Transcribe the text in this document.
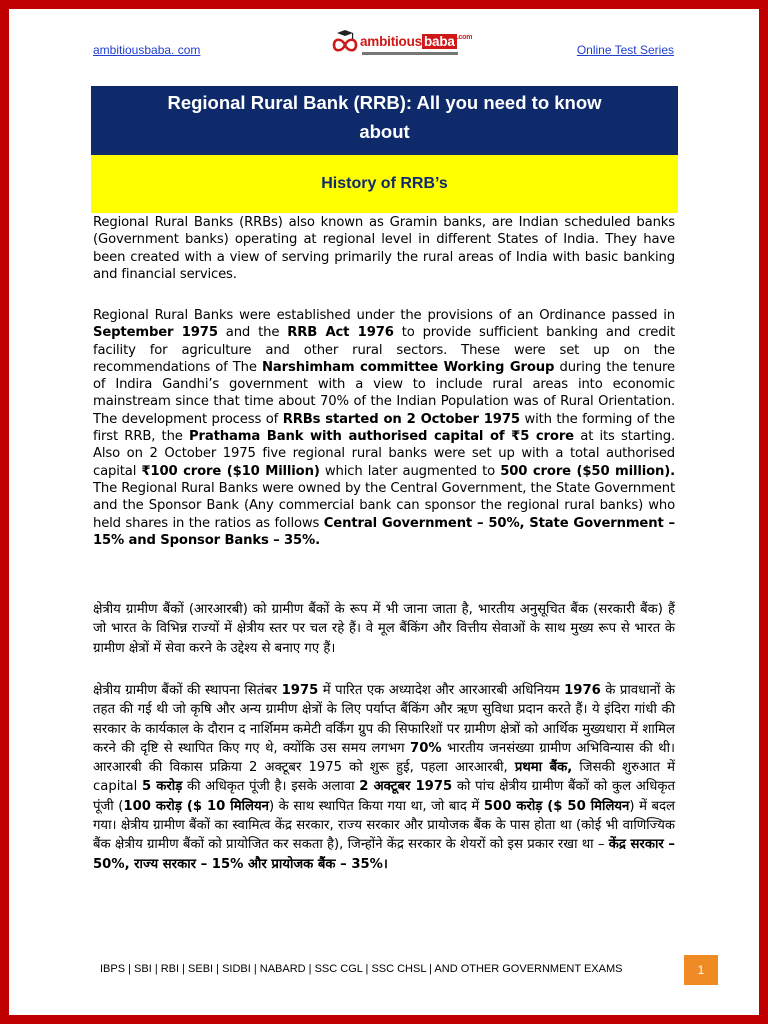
ambitiousbaba. com
ambitious baba $^{.com}$
Online Test Series
Regional Rural Bank (RRB): All you need to know
about
History of RRB’s

Regional Rural Banks (RRBs) also known as Gramin banks, are Indian scheduled banks (Government banks) operating at regional level in different States of India. They have been created with a view of serving primarily the rural areas of India with basic banking and financial services.

Regional Rural Banks were established under the provisions of an Ordinance passed in September 1975 and the RRB Act 1976 to provide sufficient banking and credit facility for agriculture and other rural sectors. These were set up on the recommendations of The Narshimham committee Working Group during the tenure of Indira Gandhi’s government with a view to include rural areas into economic mainstream since that time about 70% of the Indian Population was of Rural Orientation. The development process of RRBs started on 2 October 1975 with the forming of the first RRB, the Prathama Bank with authorised capital of ₹5 crore at its starting. Also on 2 October 1975 five regional rural banks were set up with a total authorised capital ₹100 crore ($10 Million) which later augmented to 500 crore ($50 million). The Regional Rural Banks were owned by the Central Government, the State Government and the Sponsor Bank (Any commercial bank can sponsor the regional rural banks) who held shares in the ratios as follows Central Government – 50%, State Government – 15% and Sponsor Banks – 35%.

क्षेत्रीय ग्रामीण बैंकों (आरआरबी) को ग्रामीण बैंकों के रूप में भी जाना जाता है, भारतीय अनुसूचित बैंक (सरकारी बैंक) हैं जो भारत के विभिन्न राज्यों में क्षेत्रीय स्तर पर चल रहे हैं। वे मूल बैंकिंग और वित्तीय सेवाओं के साथ मुख्य रूप से भारत के ग्रामीण क्षेत्रों में सेवा करने के उद्देश्य से बनाए गए हैं।

क्षेत्रीय ग्रामीण बैंकों की स्थापना सितंबर 1975 में पारित एक अध्यादेश और आरआरबी अधिनियम 1976 के प्रावधानों के तहत की गई थी जो कृषि और अन्य ग्रामीण क्षेत्रों के लिए पर्याप्त बैंकिंग और ऋण सुविधा प्रदान करते हैं। ये इंदिरा गांधी की सरकार के कार्यकाल के दौरान द नार्शिमम कमेटी वर्किंग ग्रुप की सिफारिशों पर ग्रामीण क्षेत्रों को आर्थिक मुख्यधारा में शामिल करने की दृष्टि से स्थापित किए गए थे, क्योंकि उस समय लगभग 70% भारतीय जनसंख्या ग्रामीण अभिविन्यास की थी। आरआरबी की विकास प्रक्रिया 2 अक्टूबर 1975 को शुरू हुई, पहला आरआरबी, प्रथमा बैंक, जिसकी शुरुआत में capital 5 करोड़ की अधिकृत पूंजी है। इसके अलावा 2 अक्टूबर 1975 को पांच क्षेत्रीय ग्रामीण बैंकों को कुल अधिकृत पूंजी (100 करोड़ ($ 10 मिलियन) के साथ स्थापित किया गया था, जो बाद में 500 करोड़ ($ 50 मिलियन) में बदल गया। क्षेत्रीय ग्रामीण बैंकों का स्वामित्व केंद्र सरकार, राज्य सरकार और प्रायोजक बैंक के पास होता था (कोई भी वाणिज्यिक बैंक क्षेत्रीय ग्रामीण बैंकों को प्रायोजित कर सकता है), जिन्होंने केंद्र सरकार के शेयरों को इस प्रकार रखा था – केंद्र सरकार – 50%, राज्य सरकार – 15% और प्रायोजक बैंक – 35%।

IBPS | SBI | RBI | SEBI | SIDBI | NABARD | SSC CGL | SSC CHSL | AND OTHER GOVERNMENT EXAMS	1
